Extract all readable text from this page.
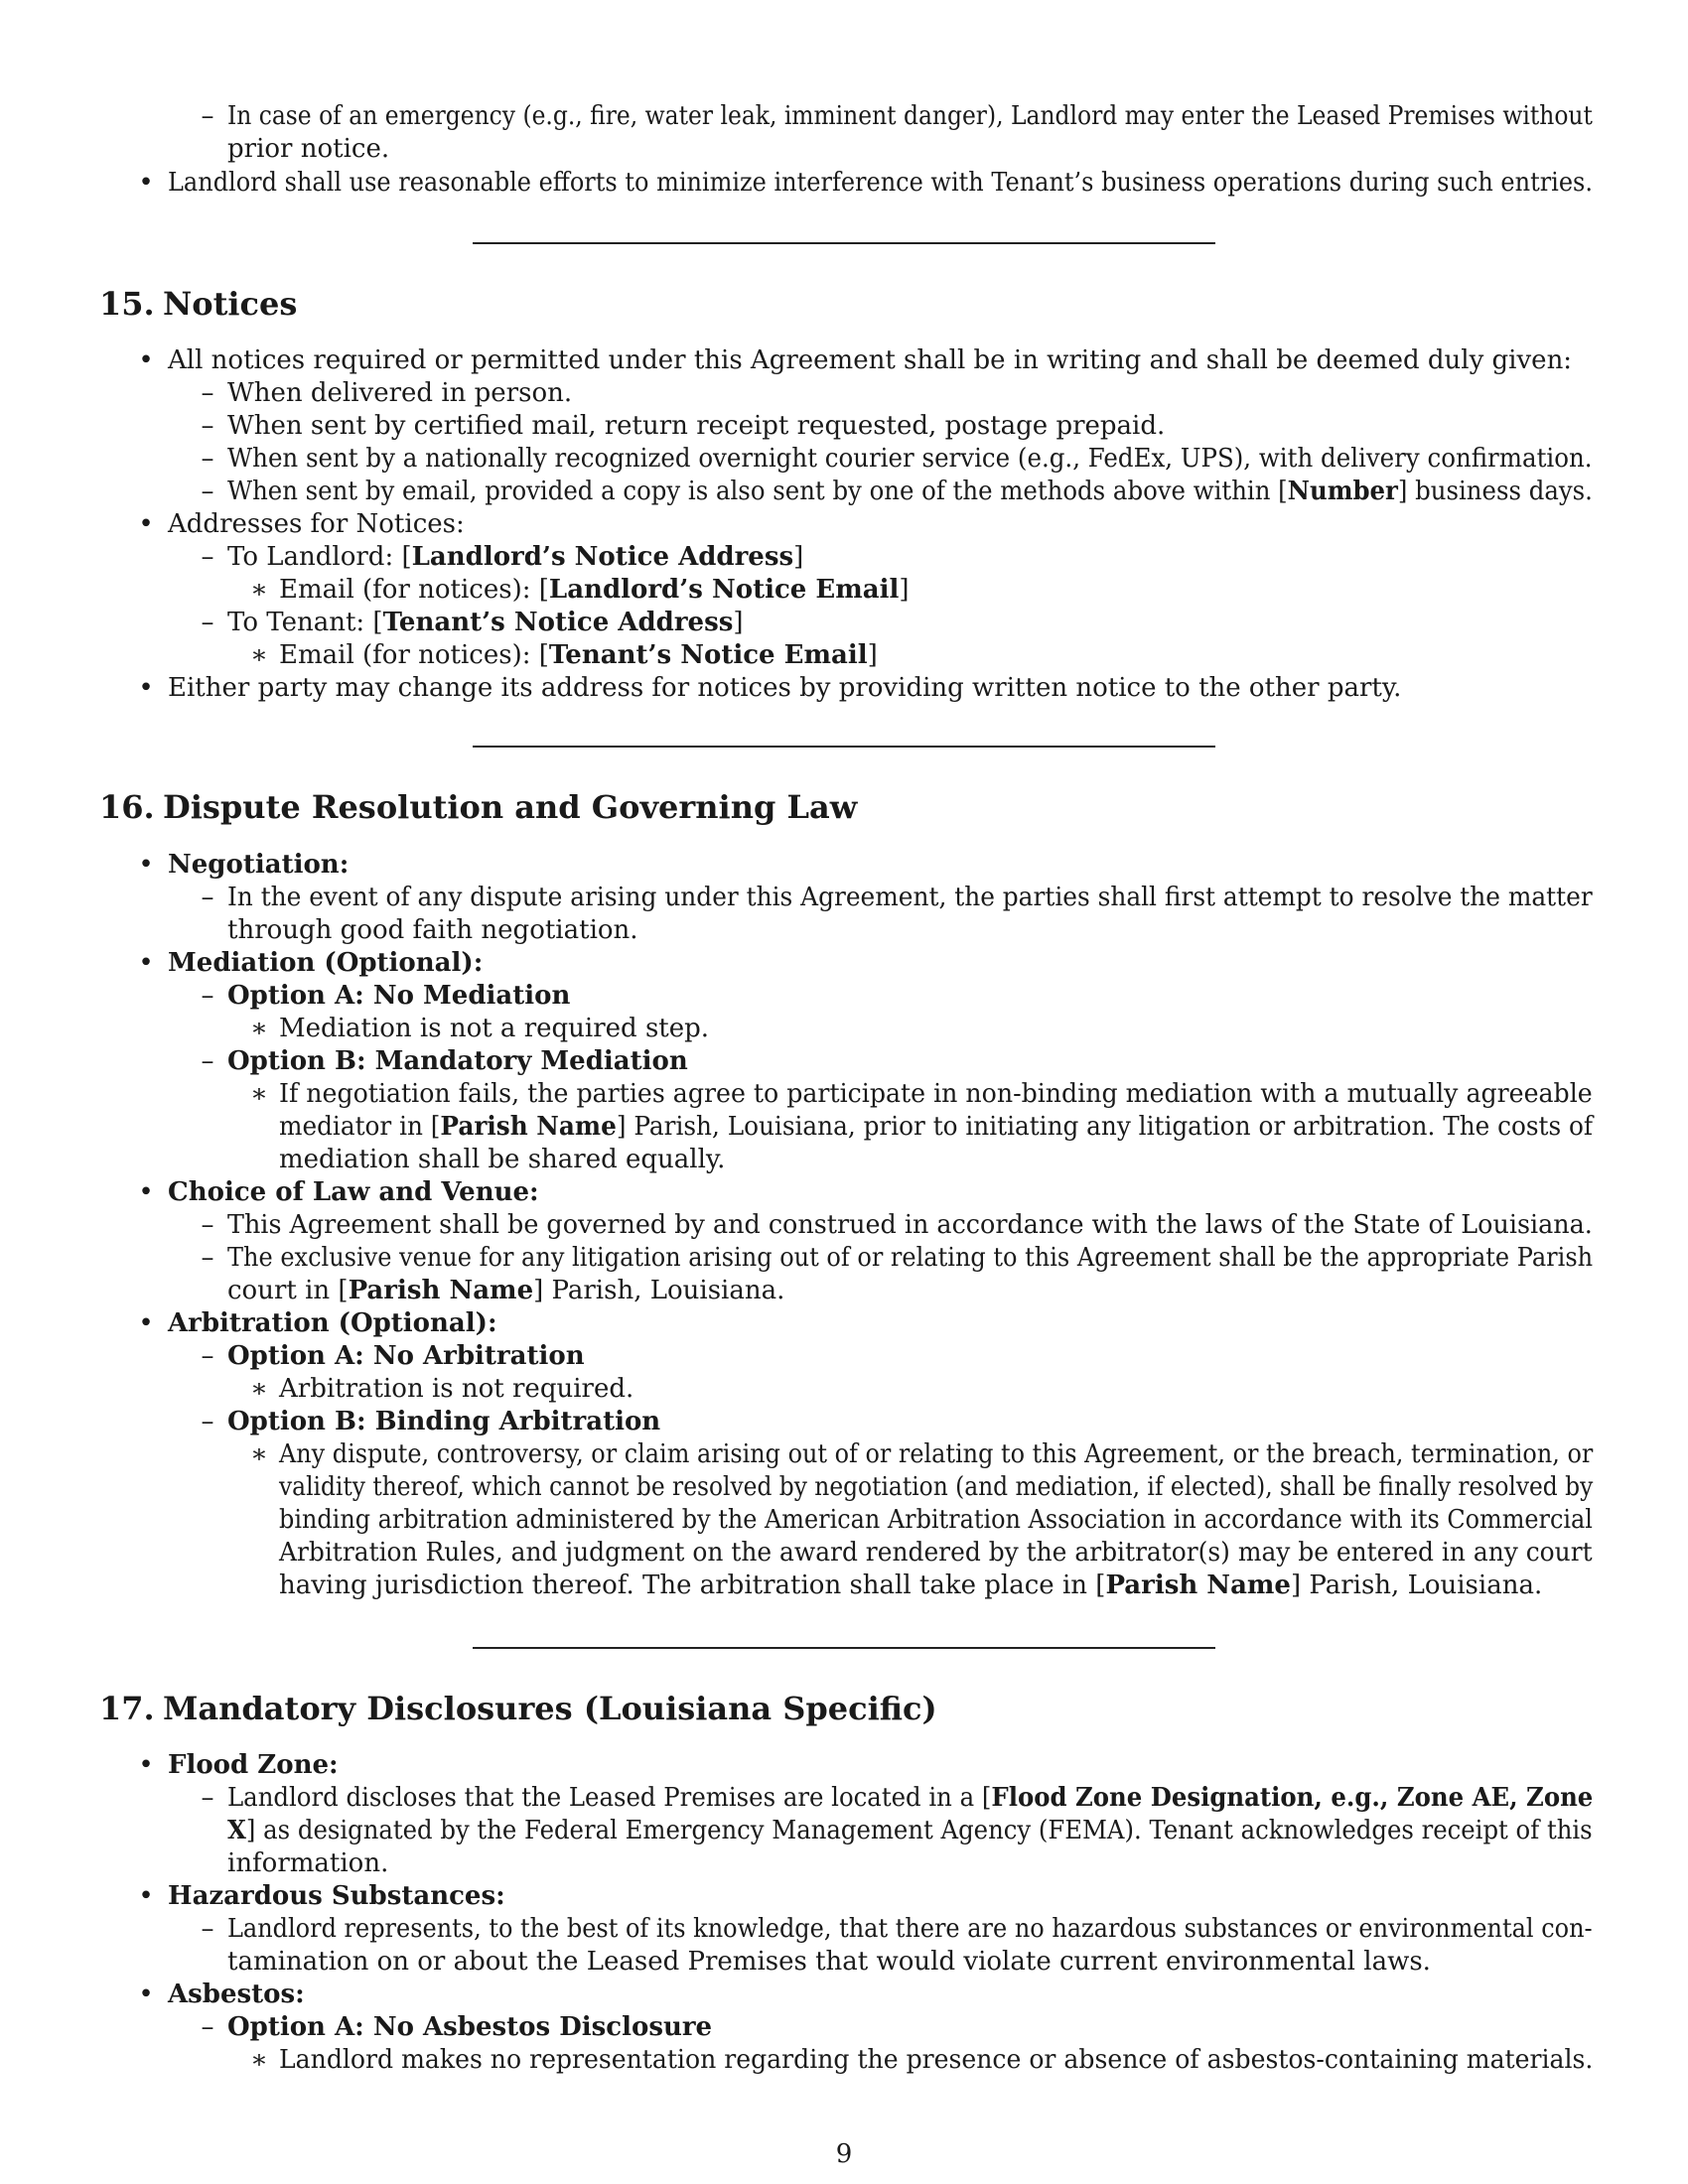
– In case of an emergency (e.g., fire, water leak, imminent danger), Landlord may enter the Leased Premises without
prior notice.
• Landlord shall use reasonable efforts to minimize interference with Tenant’s business operations during such entries.
15. Notices
• All notices required or permitted under this Agreement shall be in writing and shall be deemed duly given:
– When delivered in person.
– When sent by certified mail, return receipt requested, postage prepaid.
– When sent by a nationally recognized overnight courier service (e.g., FedEx, UPS), with delivery confirmation.
– When sent by email, provided a copy is also sent by one of the methods above within [Number] business days.
• Addresses for Notices:
– To Landlord: [Landlord’s Notice Address]
∗ Email (for notices): [Landlord’s Notice Email]
– To Tenant: [Tenant’s Notice Address]
∗ Email (for notices): [Tenant’s Notice Email]
• Either party may change its address for notices by providing written notice to the other party.
16. Dispute Resolution and Governing Law
• Negotiation:
– In the event of any dispute arising under this Agreement, the parties shall first attempt to resolve the matter
through good faith negotiation.
• Mediation (Optional):
– Option A: No Mediation
∗ Mediation is not a required step.
– Option B: Mandatory Mediation
∗ If negotiation fails, the parties agree to participate in non-binding mediation with a mutually agreeable
mediator in [Parish Name] Parish, Louisiana, prior to initiating any litigation or arbitration. The costs of
mediation shall be shared equally.
• Choice of Law and Venue:
– This Agreement shall be governed by and construed in accordance with the laws of the State of Louisiana.
– The exclusive venue for any litigation arising out of or relating to this Agreement shall be the appropriate Parish
court in [Parish Name] Parish, Louisiana.
• Arbitration (Optional):
– Option A: No Arbitration
∗ Arbitration is not required.
– Option B: Binding Arbitration
∗ Any dispute, controversy, or claim arising out of or relating to this Agreement, or the breach, termination, or
validity thereof, which cannot be resolved by negotiation (and mediation, if elected), shall be finally resolved by
binding arbitration administered by the American Arbitration Association in accordance with its Commercial
Arbitration Rules, and judgment on the award rendered by the arbitrator(s) may be entered in any court
having jurisdiction thereof. The arbitration shall take place in [Parish Name] Parish, Louisiana.
17. Mandatory Disclosures (Louisiana Specific)
• Flood Zone:
– Landlord discloses that the Leased Premises are located in a [Flood Zone Designation, e.g., Zone AE, Zone
X] as designated by the Federal Emergency Management Agency (FEMA). Tenant acknowledges receipt of this
information.
• Hazardous Substances:
– Landlord represents, to the best of its knowledge, that there are no hazardous substances or environmental con-
tamination on or about the Leased Premises that would violate current environmental laws.
• Asbestos:
– Option A: No Asbestos Disclosure
∗ Landlord makes no representation regarding the presence or absence of asbestos-containing materials.
9
